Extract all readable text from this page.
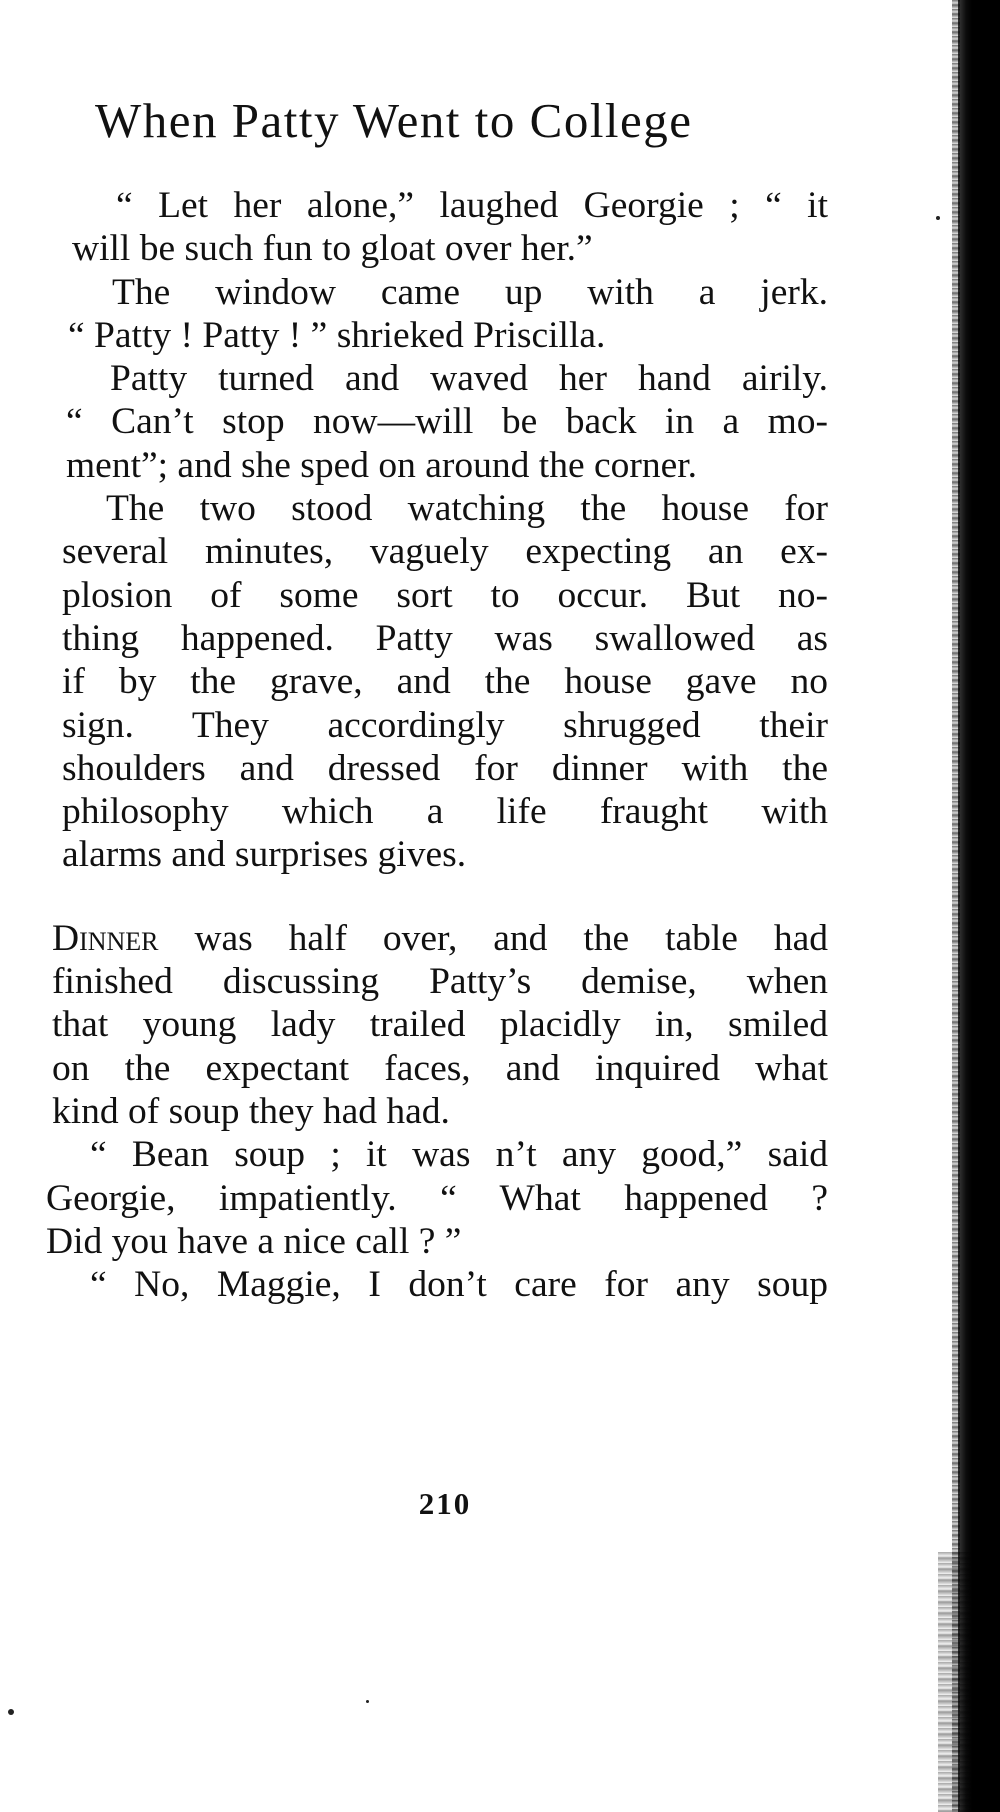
When Patty Went to College

“ Let her alone,” laughed Georgie ; “ it
will be such fun to gloat over her.”

The window came up with a jerk.
“ Patty ! Patty ! ” shrieked Priscilla.

Patty turned and waved her hand airily.
“ Can’t stop now—will be back in a mo-
ment”; and she sped on around the corner.

The two stood watching the house for
several minutes, vaguely expecting an ex-
plosion of some sort to occur. But no-
thing happened. Patty was swallowed as
if by the grave, and the house gave no
sign. They accordingly shrugged their
shoulders and dressed for dinner with the
philosophy which a life fraught with
alarms and surprises gives.

Dinner was half over, and the table had
finished discussing Patty’s demise, when
that young lady trailed placidly in, smiled
on the expectant faces, and inquired what
kind of soup they had had.

“ Bean soup ; it was n’t any good,” said
Georgie, impatiently. “ What happened ?
Did you have a nice call ? ”

“ No, Maggie, I don’t care for any soup

210
